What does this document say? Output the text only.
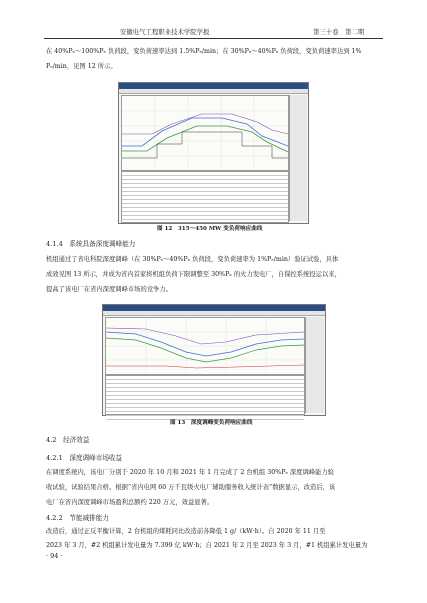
安徽电气工程职业技术学院学报	第三十卷　第二期
在 40%Pₑ～100%Pₑ 负荷段，变负荷速率达到 1.5%Pₑ/min；在 30%Pₑ～40%Pₑ 负荷段，变负荷速率达到 1%
Pₑ/min，见图 12 所示。
图 12　315～450 MW 变负荷响应曲线
4.1.4　系统具备深度调峰能力
机组通过了省电科院深度调峰（在 30%Pₑ～40%Pₑ 负荷段，变负荷速率为 1%Pₑ/min）验证试验，具体
成效见图 13 所示，并成为省内首家将机组负荷下限调整至 30%Pₑ 的火力发电厂，自保控系统投运以来，
提高了该电厂在省内深度调峰市场的竞争力。
图 13　深度调峰变负荷响应曲线
4.2　经济效益
4.2.1　深度调峰市场收益
在调度系统内，该电厂分别于 2020 年 10 月和 2021 年 1 月完成了 2 台机组 30%Pₑ 深度调峰能力验
收试验，试验结果合格。根据“省内电网 60 万千瓦级火电厂辅助服务收入统计表”数据显示，改造后，该
电厂在省内深度调峰市场盈利总额约 220 万元，效益显著。
4.2.2　节能减排能力
改造后，通过正反平衡计算，2 台机组的煤耗同比改造前各降低 1 g/（kW·h）。自 2020 年 11 月至
2023 年 3 月，#2 机组累计发电量为 7.399 亿 kW·h；自 2021 年 2 月至 2023 年 3 月，#1 机组累计发电量为
· 94 ·
